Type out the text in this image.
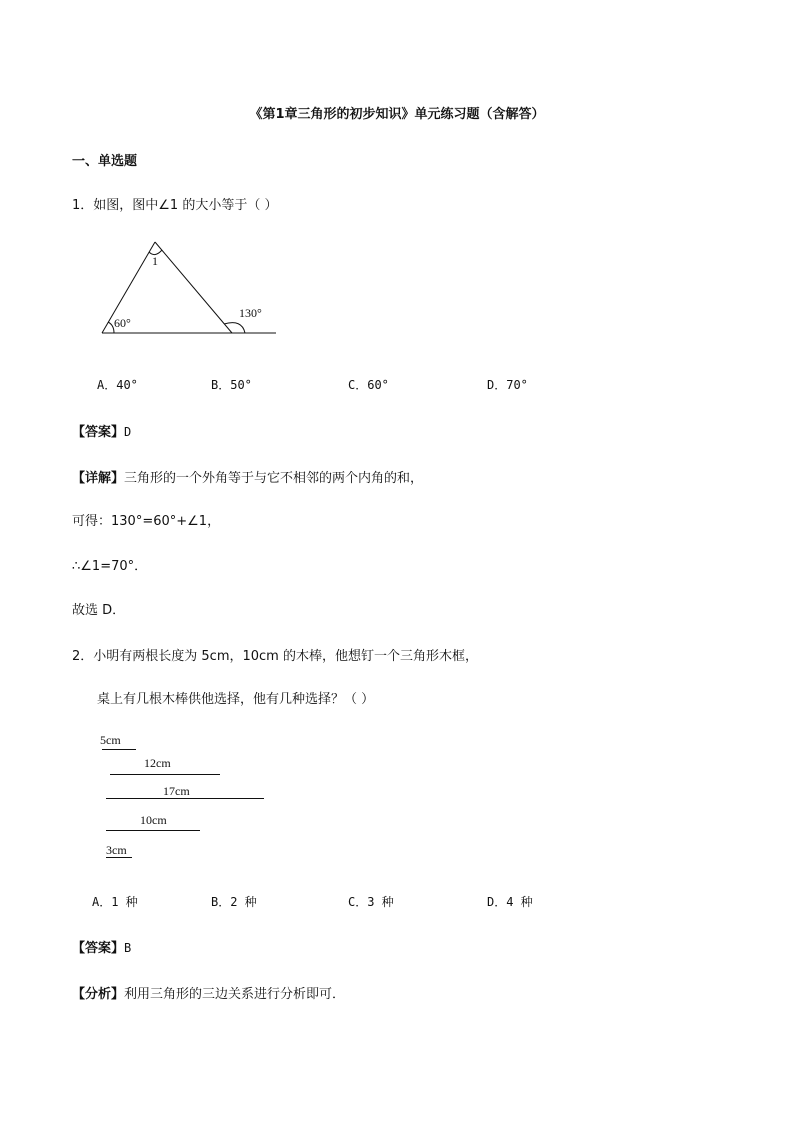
《第1章三角形的初步知识》单元练习题（含解答）
一、单选题
1．如图，图中∠1 的大小等于（ ）
1
60°
130°
A．40°	B．50°	C．60°	D．70°
【答案】D
【详解】三角形的一个外角等于与它不相邻的两个内角的和，
可得：130°=60°+∠1，
∴∠1=70°．
故选 D．
2．小明有两根长度为 5cm，10cm 的木棒，他想钉一个三角形木框，
桌上有几根木棒供他选择，他有几种选择？（ ）
5cm
12cm
17cm
10cm
3cm
A．1 种	B．2 种	C．3 种	D．4 种
【答案】B
【分析】利用三角形的三边关系进行分析即可．
